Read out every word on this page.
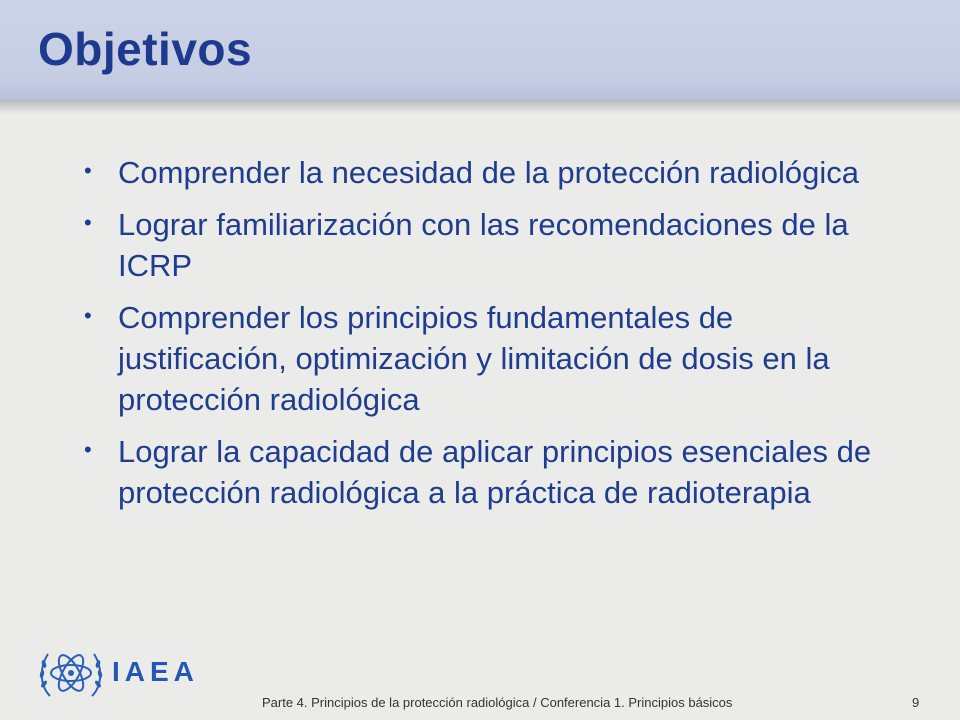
Objetivos
• Comprender la necesidad de la protección radiológica
• Lograr familiarización con las recomendaciones de la ICRP
• Comprender los principios fundamentales de justificación, optimización y limitación de dosis en la protección radiológica
• Lograr la capacidad de aplicar principios esenciales de protección radiológica a la práctica de radioterapia
IAEA
Parte 4. Principios de la protección radiológica / Conferencia 1. Principios básicos	9
